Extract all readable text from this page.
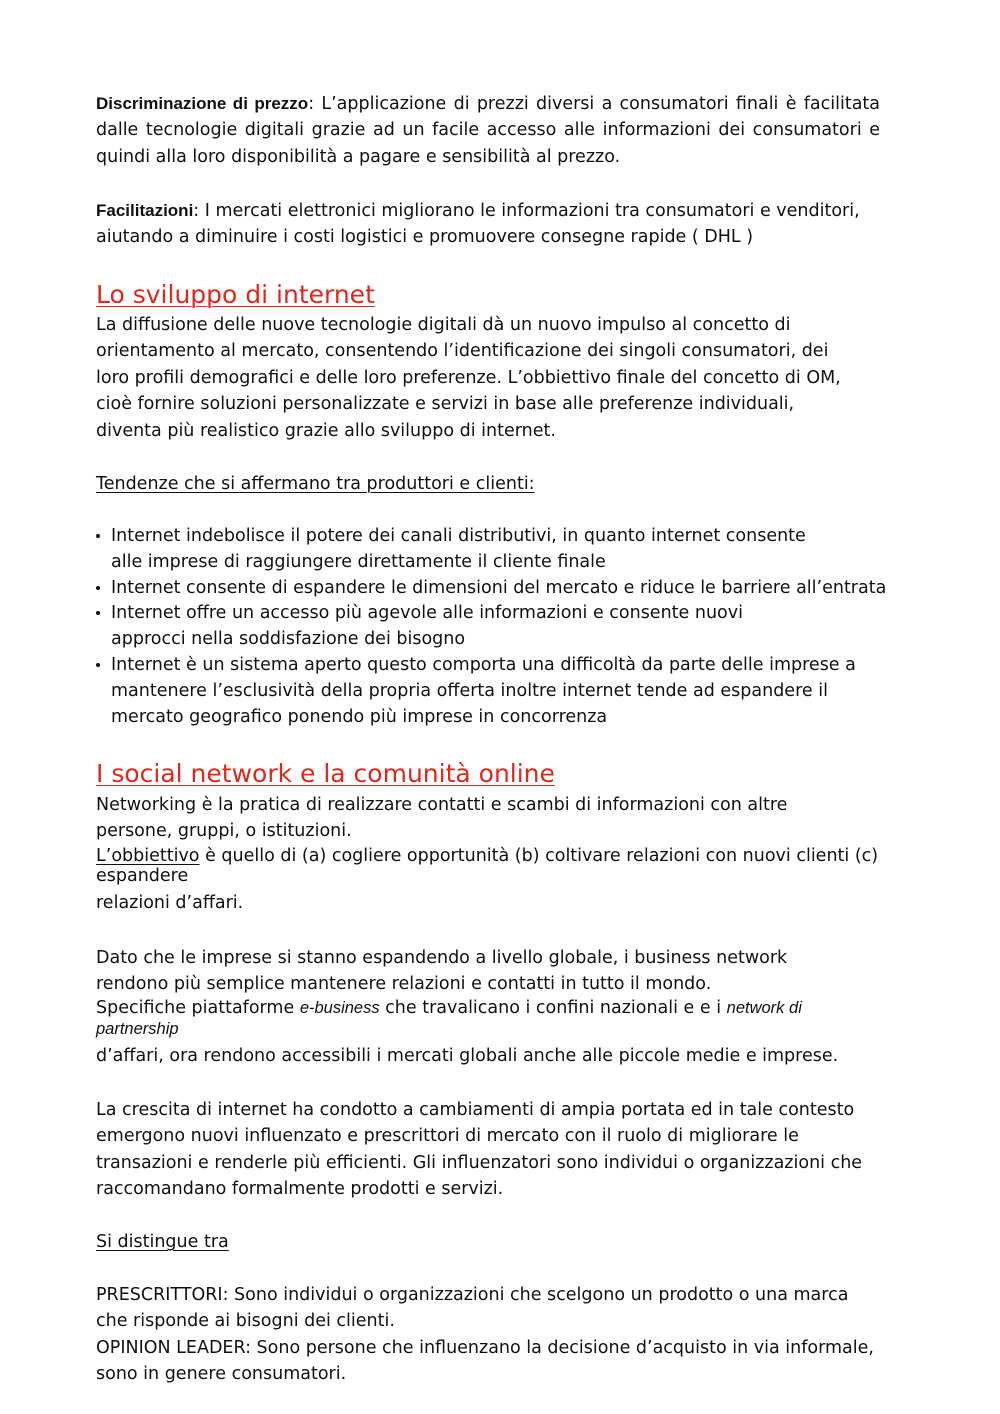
Discriminazione di prezzo: L’applicazione di prezzi diversi a consumatori finali è facilitata dalle tecnologie digitali grazie ad un facile accesso alle informazioni dei consumatori e quindi alla loro disponibilità a pagare e sensibilità al prezzo.

Facilitazioni: I mercati elettronici migliorano le informazioni tra consumatori e venditori, aiutando a diminuire i costi logistici e promuovere consegne rapide ( DHL )

Lo sviluppo di internet
La diffusione delle nuove tecnologie digitali dà un nuovo impulso al concetto di
orientamento al mercato, consentendo l’identificazione dei singoli consumatori, dei
loro profili demografici e delle loro preferenze. L’obbiettivo finale del concetto di OM,
cioè fornire soluzioni personalizzate e servizi in base alle preferenze individuali,
diventa più realistico grazie allo sviluppo di internet.
Tendenze che si affermano tra produttori e clienti:
Internet indebolisce il potere dei canali distributivi, in quanto internet consente
alle imprese di raggiungere direttamente il cliente finale
Internet consente di espandere le dimensioni del mercato e riduce le barriere all’entrata
Internet offre un accesso più agevole alle informazioni e consente nuovi
approcci nella soddisfazione dei bisogno
Internet è un sistema aperto questo comporta una difficoltà da parte delle imprese a
mantenere l’esclusività della propria offerta inoltre internet tende ad espandere il
mercato geografico ponendo più imprese in concorrenza
I social network e la comunità online
Networking è la pratica di realizzare contatti e scambi di informazioni con altre
persone, gruppi, o istituzioni.
L’obbiettivo è quello di (a) cogliere opportunità (b) coltivare relazioni con nuovi clienti (c)
espandere
relazioni d’affari.
Dato che le imprese si stanno espandendo a livello globale, i business network
rendono più semplice mantenere relazioni e contatti in tutto il mondo.
Specifiche piattaforme e-business che travalicano i confini nazionali e e i network di
partnership
d’affari, ora rendono accessibili i mercati globali anche alle piccole medie e imprese.
La crescita di internet ha condotto a cambiamenti di ampia portata ed in tale contesto
emergono nuovi influenzato e prescrittori di mercato con il ruolo di migliorare le
transazioni e renderle più efficienti. Gli influenzatori sono individui o organizzazioni che
raccomandano formalmente prodotti e servizi.
Si distingue tra
PRESCRITTORI: Sono individui o organizzazioni che scelgono un prodotto o una marca
che risponde ai bisogni dei clienti.
OPINION LEADER: Sono persone che influenzano la decisione d’acquisto in via informale,
sono in genere consumatori.
